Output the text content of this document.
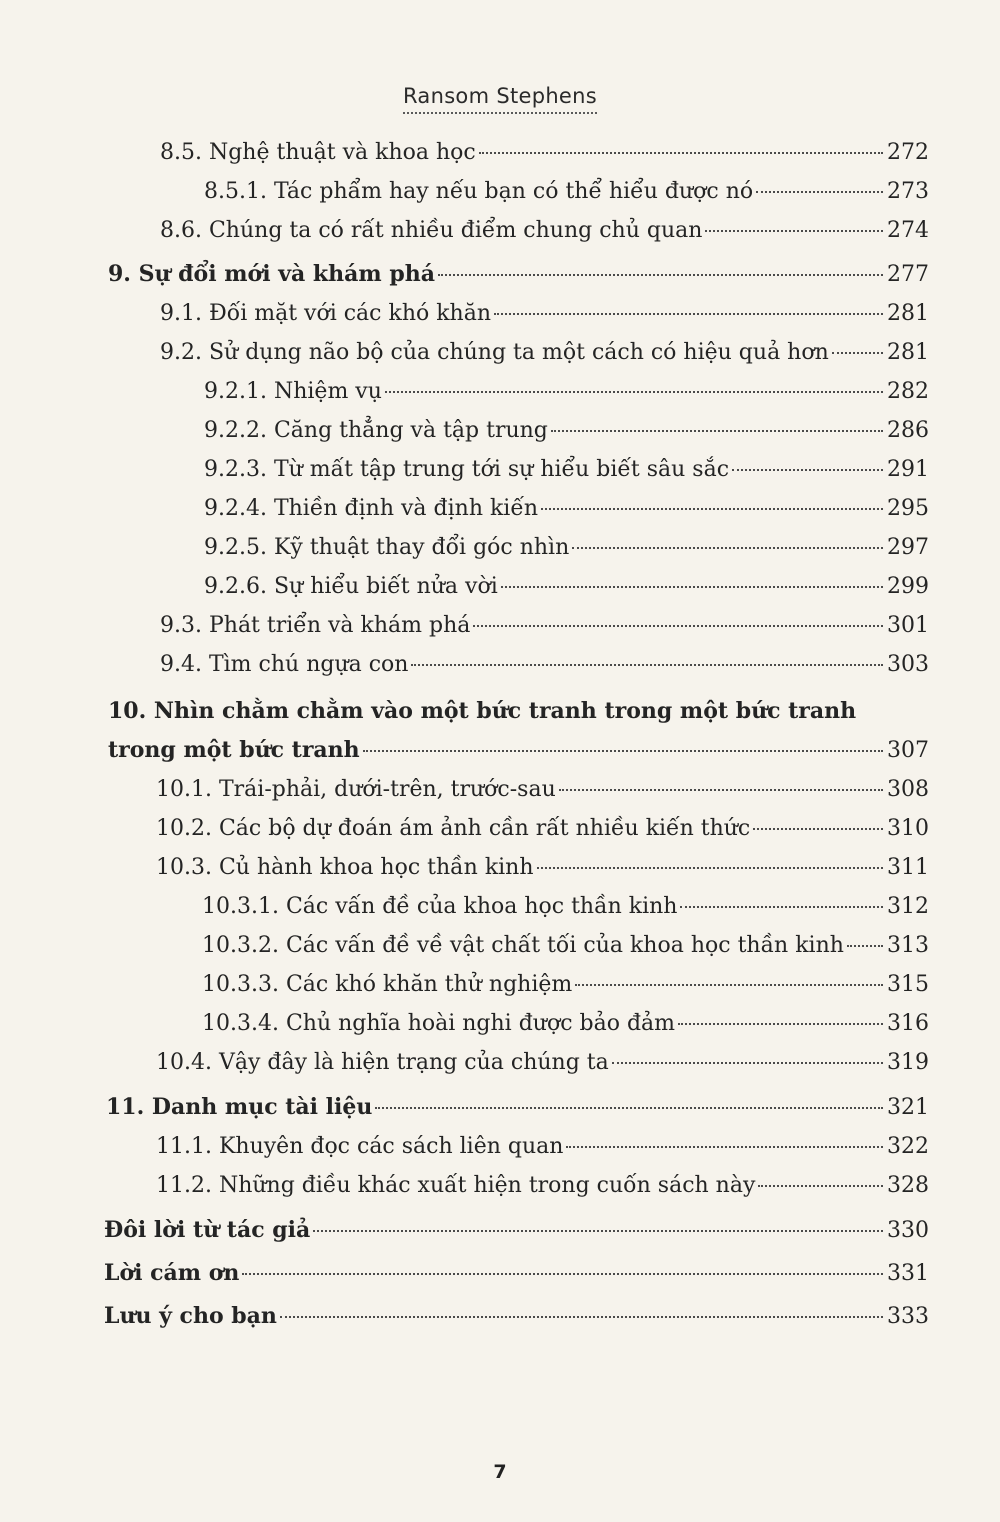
Ransom Stephens
8.5. Nghệ thuật và khoa học	272
8.5.1. Tác phẩm hay nếu bạn có thể hiểu được nó	273
8.6. Chúng ta có rất nhiều điểm chung chủ quan	274
9. Sự đổi mới và khám phá	277
9.1. Đối mặt với các khó khăn	281
9.2. Sử dụng não bộ của chúng ta một cách có hiệu quả hơn	281
9.2.1. Nhiệm vụ	282
9.2.2. Căng thẳng và tập trung	286
9.2.3. Từ mất tập trung tới sự hiểu biết sâu sắc	291
9.2.4. Thiền định và định kiến	295
9.2.5. Kỹ thuật thay đổi góc nhìn	297
9.2.6. Sự hiểu biết nửa vời	299
9.3. Phát triển và khám phá	301
9.4. Tìm chú ngựa con	303
10. Nhìn chằm chằm vào một bức tranh trong một bức tranh
trong một bức tranh	307
10.1. Trái-phải, dưới-trên, trước-sau	308
10.2. Các bộ dự đoán ám ảnh cần rất nhiều kiến thức	310
10.3. Củ hành khoa học thần kinh	311
10.3.1. Các vấn đề của khoa học thần kinh	312
10.3.2. Các vấn đề về vật chất tối của khoa học thần kinh 313
10.3.3. Các khó khăn thử nghiệm	315
10.3.4. Chủ nghĩa hoài nghi được bảo đảm	316
10.4. Vậy đây là hiện trạng của chúng ta	319
11. Danh mục tài liệu	321
11.1. Khuyên đọc các sách liên quan	322
11.2. Những điều khác xuất hiện trong cuốn sách này	328
Đôi lời từ tác giả	330
Lời cám ơn	331
Lưu ý cho bạn	333
7
